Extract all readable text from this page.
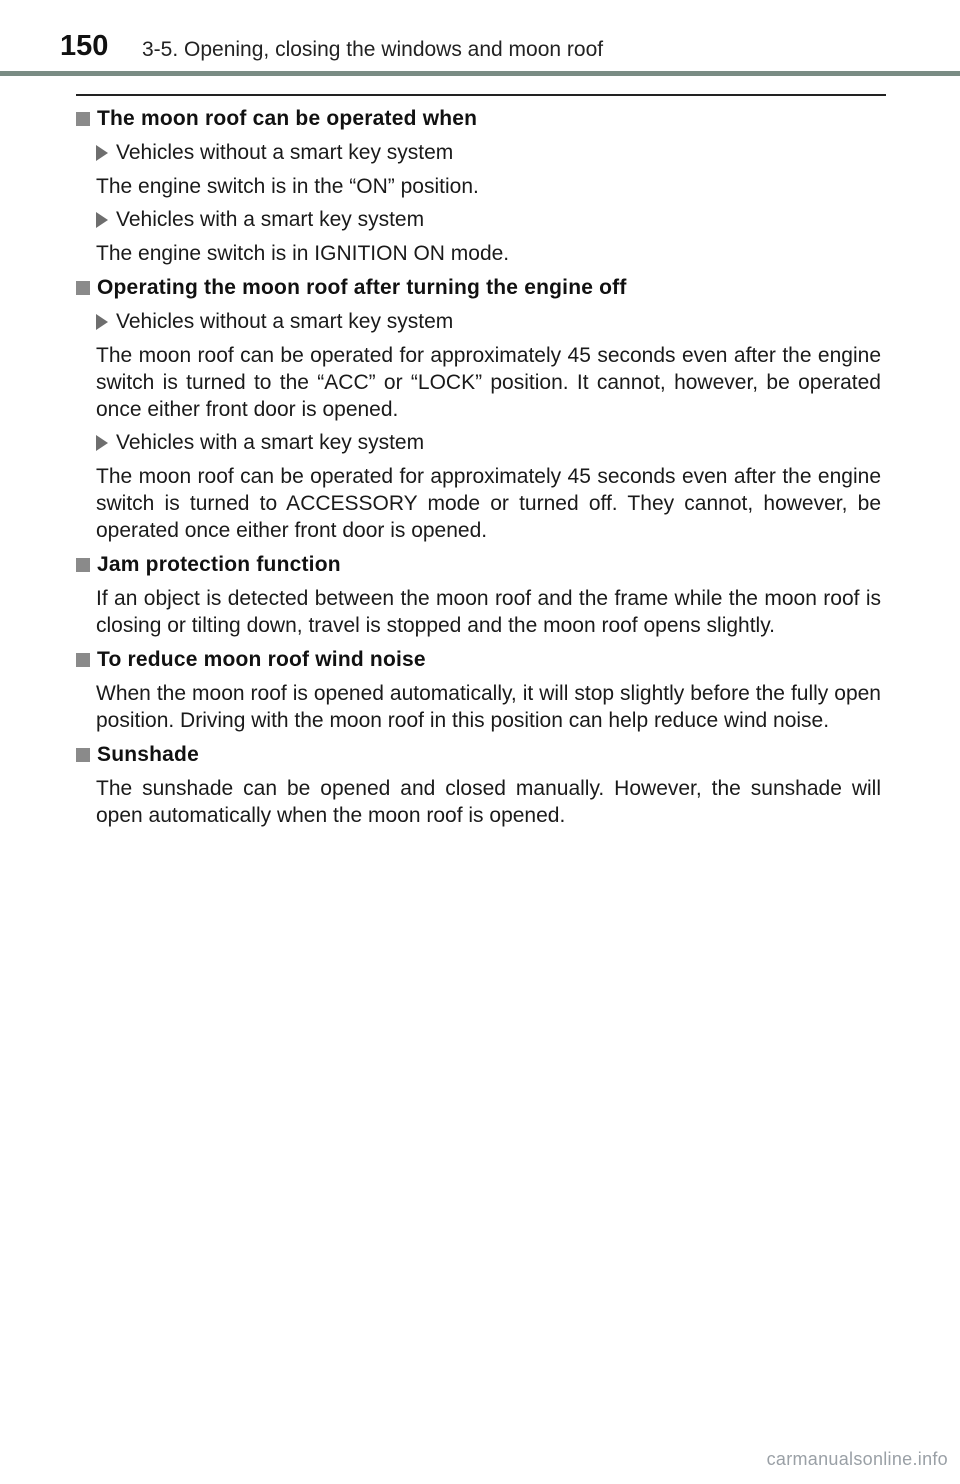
150 3-5. Opening, closing the windows and moon roof
The moon roof can be operated when
Vehicles without a smart key system

The engine switch is in the “ON” position.

Vehicles with a smart key system

The engine switch is in IGNITION ON mode.

Operating the moon roof after turning the engine off
Vehicles without a smart key system

The moon roof can be operated for approximately 45 seconds even after the engine switch is turned to the “ACC” or “LOCK” position. It cannot, however, be operated once either front door is opened.

Vehicles with a smart key system

The moon roof can be operated for approximately 45 seconds even after the engine switch is turned to ACCESSORY mode or turned off. They cannot, however, be operated once either front door is opened.

Jam protection function

If an object is detected between the moon roof and the frame while the moon roof is closing or tilting down, travel is stopped and the moon roof opens slightly.

To reduce moon roof wind noise

When the moon roof is opened automatically, it will stop slightly before the fully open position. Driving with the moon roof in this position can help reduce wind noise.

Sunshade

The sunshade can be opened and closed manually. However, the sunshade will open automatically when the moon roof is opened.

carmanualsonline.info
